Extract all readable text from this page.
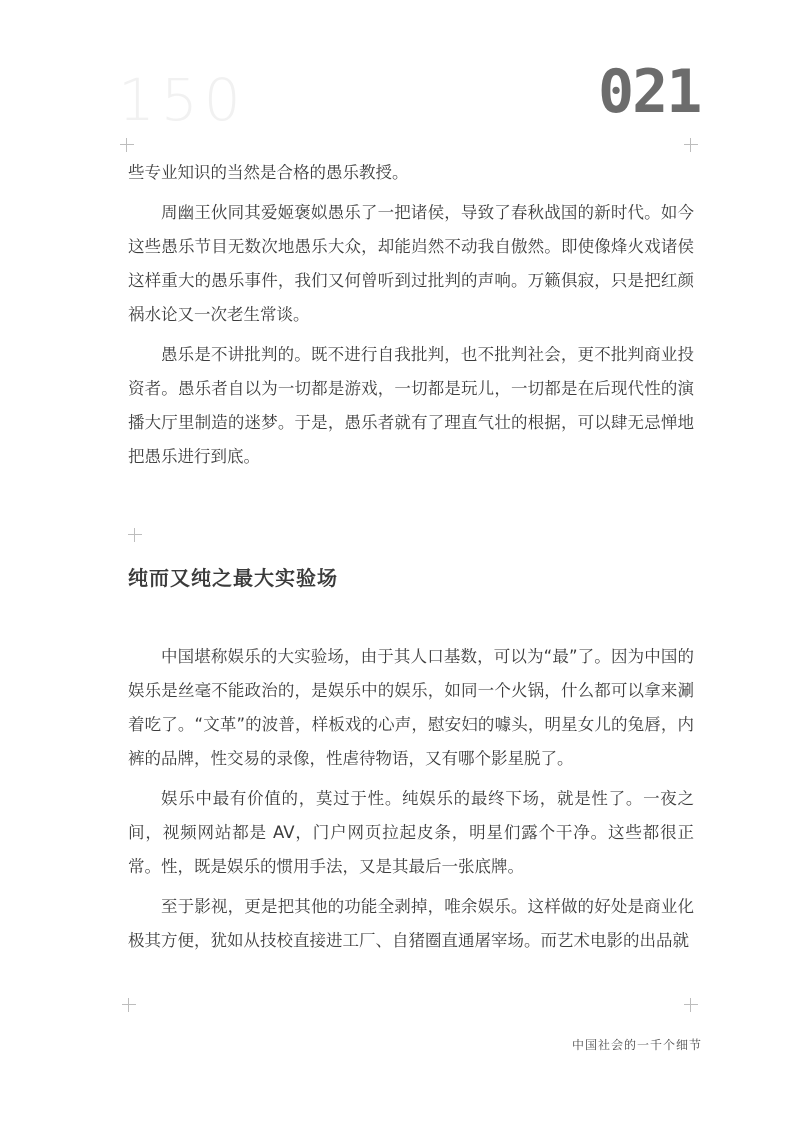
150	021

些专业知识的当然是合格的愚乐教授。

周幽王伙同其爱姬褒姒愚乐了一把诸侯，导致了春秋战国的新时代。如今这些愚乐节目无数次地愚乐大众，却能岿然不动我自傲然。即使像烽火戏诸侯这样重大的愚乐事件，我们又何曾听到过批判的声响。万籁俱寂，只是把红颜祸水论又一次老生常谈。

愚乐是不讲批判的。既不进行自我批判，也不批判社会，更不批判商业投资者。愚乐者自以为一切都是游戏，一切都是玩儿，一切都是在后现代性的演播大厅里制造的迷梦。于是，愚乐者就有了理直气壮的根据，可以肆无忌惮地把愚乐进行到底。

纯而又纯之最大实验场

中国堪称娱乐的大实验场，由于其人口基数，可以为“最”了。因为中国的娱乐是丝毫不能政治的，是娱乐中的娱乐，如同一个火锅，什么都可以拿来涮着吃了。“文革”的波普，样板戏的心声，慰安妇的噱头，明星女儿的兔唇，内裤的品牌，性交易的录像，性虐待物语，又有哪个影星脱了。

娱乐中最有价值的，莫过于性。纯娱乐的最终下场，就是性了。一夜之间，视频网站都是 AV，门户网页拉起皮条，明星们露个干净。这些都很正常。性，既是娱乐的惯用手法，又是其最后一张底牌。

至于影视，更是把其他的功能全剥掉，唯余娱乐。这样做的好处是商业化极其方便，犹如从技校直接进工厂、自猪圈直通屠宰场。而艺术电影的出品就

中国社会的一千个细节
